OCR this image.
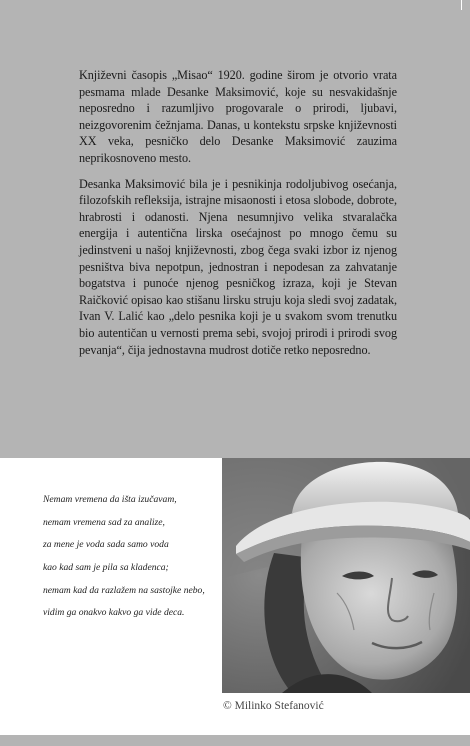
Književni časopis „Misao“ 1920. godine širom je otvorio vrata pesmama mlade Desanke Maksimović, koje su nesvakidašnje neposredno i razumljivo progovarale o prirodi, ljubavi, neizgovorenim čežnjama. Danas, u kontekstu srpske književnosti XX veka, pesničko delo Desanke Maksimović zauzima neprikosnoveno mesto.

Desanka Maksimović bila je i pesnikinja rodoljubivog osećanja, filozofskih refleksija, istrajne misaonosti i etosa slobode, dobrote, hrabrosti i odanosti. Njena nesumnjivo velika stvaralačka energija i autentična lirska osećajnost po mnogo čemu su jedinstveni u našoj književnosti, zbog čega svaki izbor iz njenog pesništva biva nepotpun, jednostran i nepodesan za zahvatanje bogatstva i punoće njenog pesničkog izraza, koji je Stevan Raičković opisao kao stišanu lirsku struju koja sledi svoj zadatak, Ivan V. Lalić kao „delo pesnika koji je u svakom svom trenutku bio autentičan u vernosti prema sebi, svojoj prirodi i prirodi svog pevanja“, čija jednostavna mudrost dotiče retko neposredno.

Nemam vremena da išta izučavam,
nemam vremena sad za analize,
za mene je voda sada samo voda
kao kad sam je pila sa kladenca;
nemam kad da razlažem na sastojke nebo,
vidim ga onakvo kakvo ga vide deca.
© Milinko Stefanović
